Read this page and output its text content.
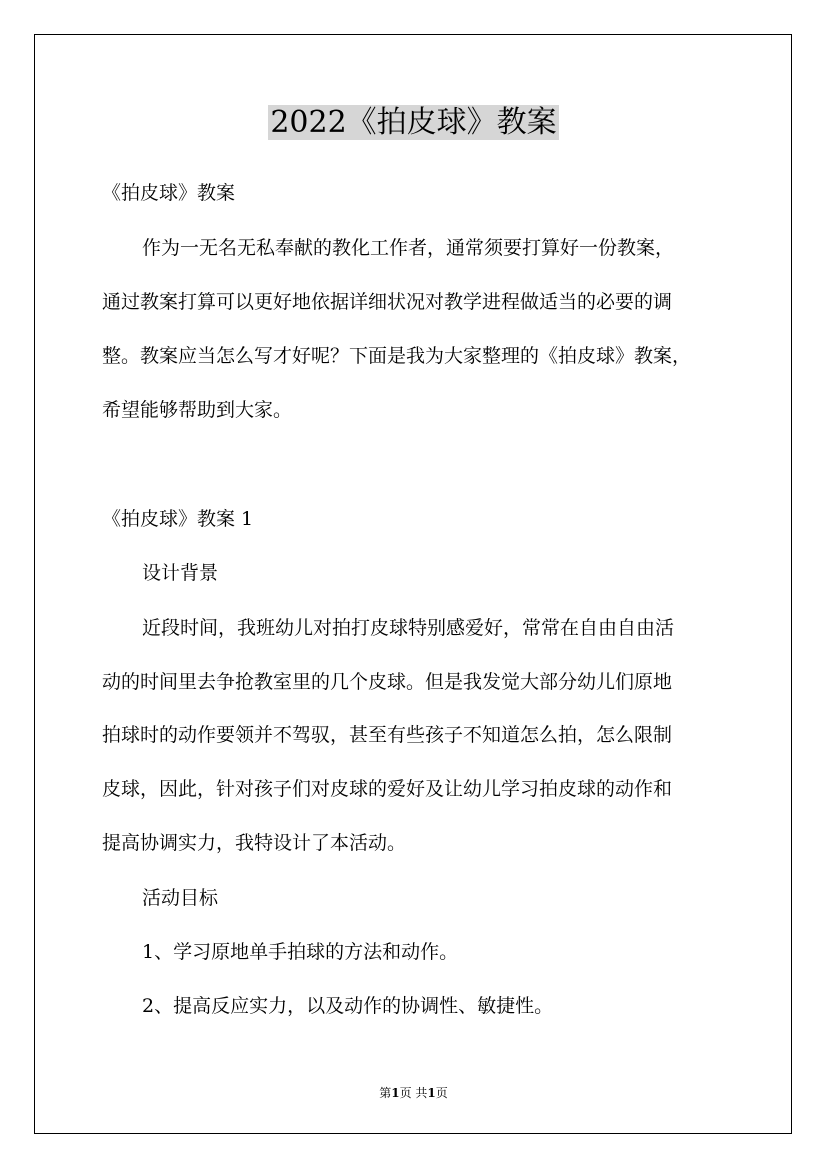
2022《拍皮球》教案

《拍皮球》教案

作为一无名无私奉献的教化工作者，通常须要打算好一份教案，

通过教案打算可以更好地依据详细状况对教学进程做适当的必要的调

整。教案应当怎么写才好呢？下面是我为大家整理的《拍皮球》教案，

希望能够帮助到大家。

《拍皮球》教案 1

设计背景

近段时间，我班幼儿对拍打皮球特别感爱好，常常在自由自由活

动的时间里去争抢教室里的几个皮球。但是我发觉大部分幼儿们原地

拍球时的动作要领并不驾驭，甚至有些孩子不知道怎么拍，怎么限制

皮球，因此，针对孩子们对皮球的爱好及让幼儿学习拍皮球的动作和

提高协调实力，我特设计了本活动。

活动目标

1、学习原地单手拍球的方法和动作。

2、提高反应实力，以及动作的协调性、敏捷性。

第1页 共1页
